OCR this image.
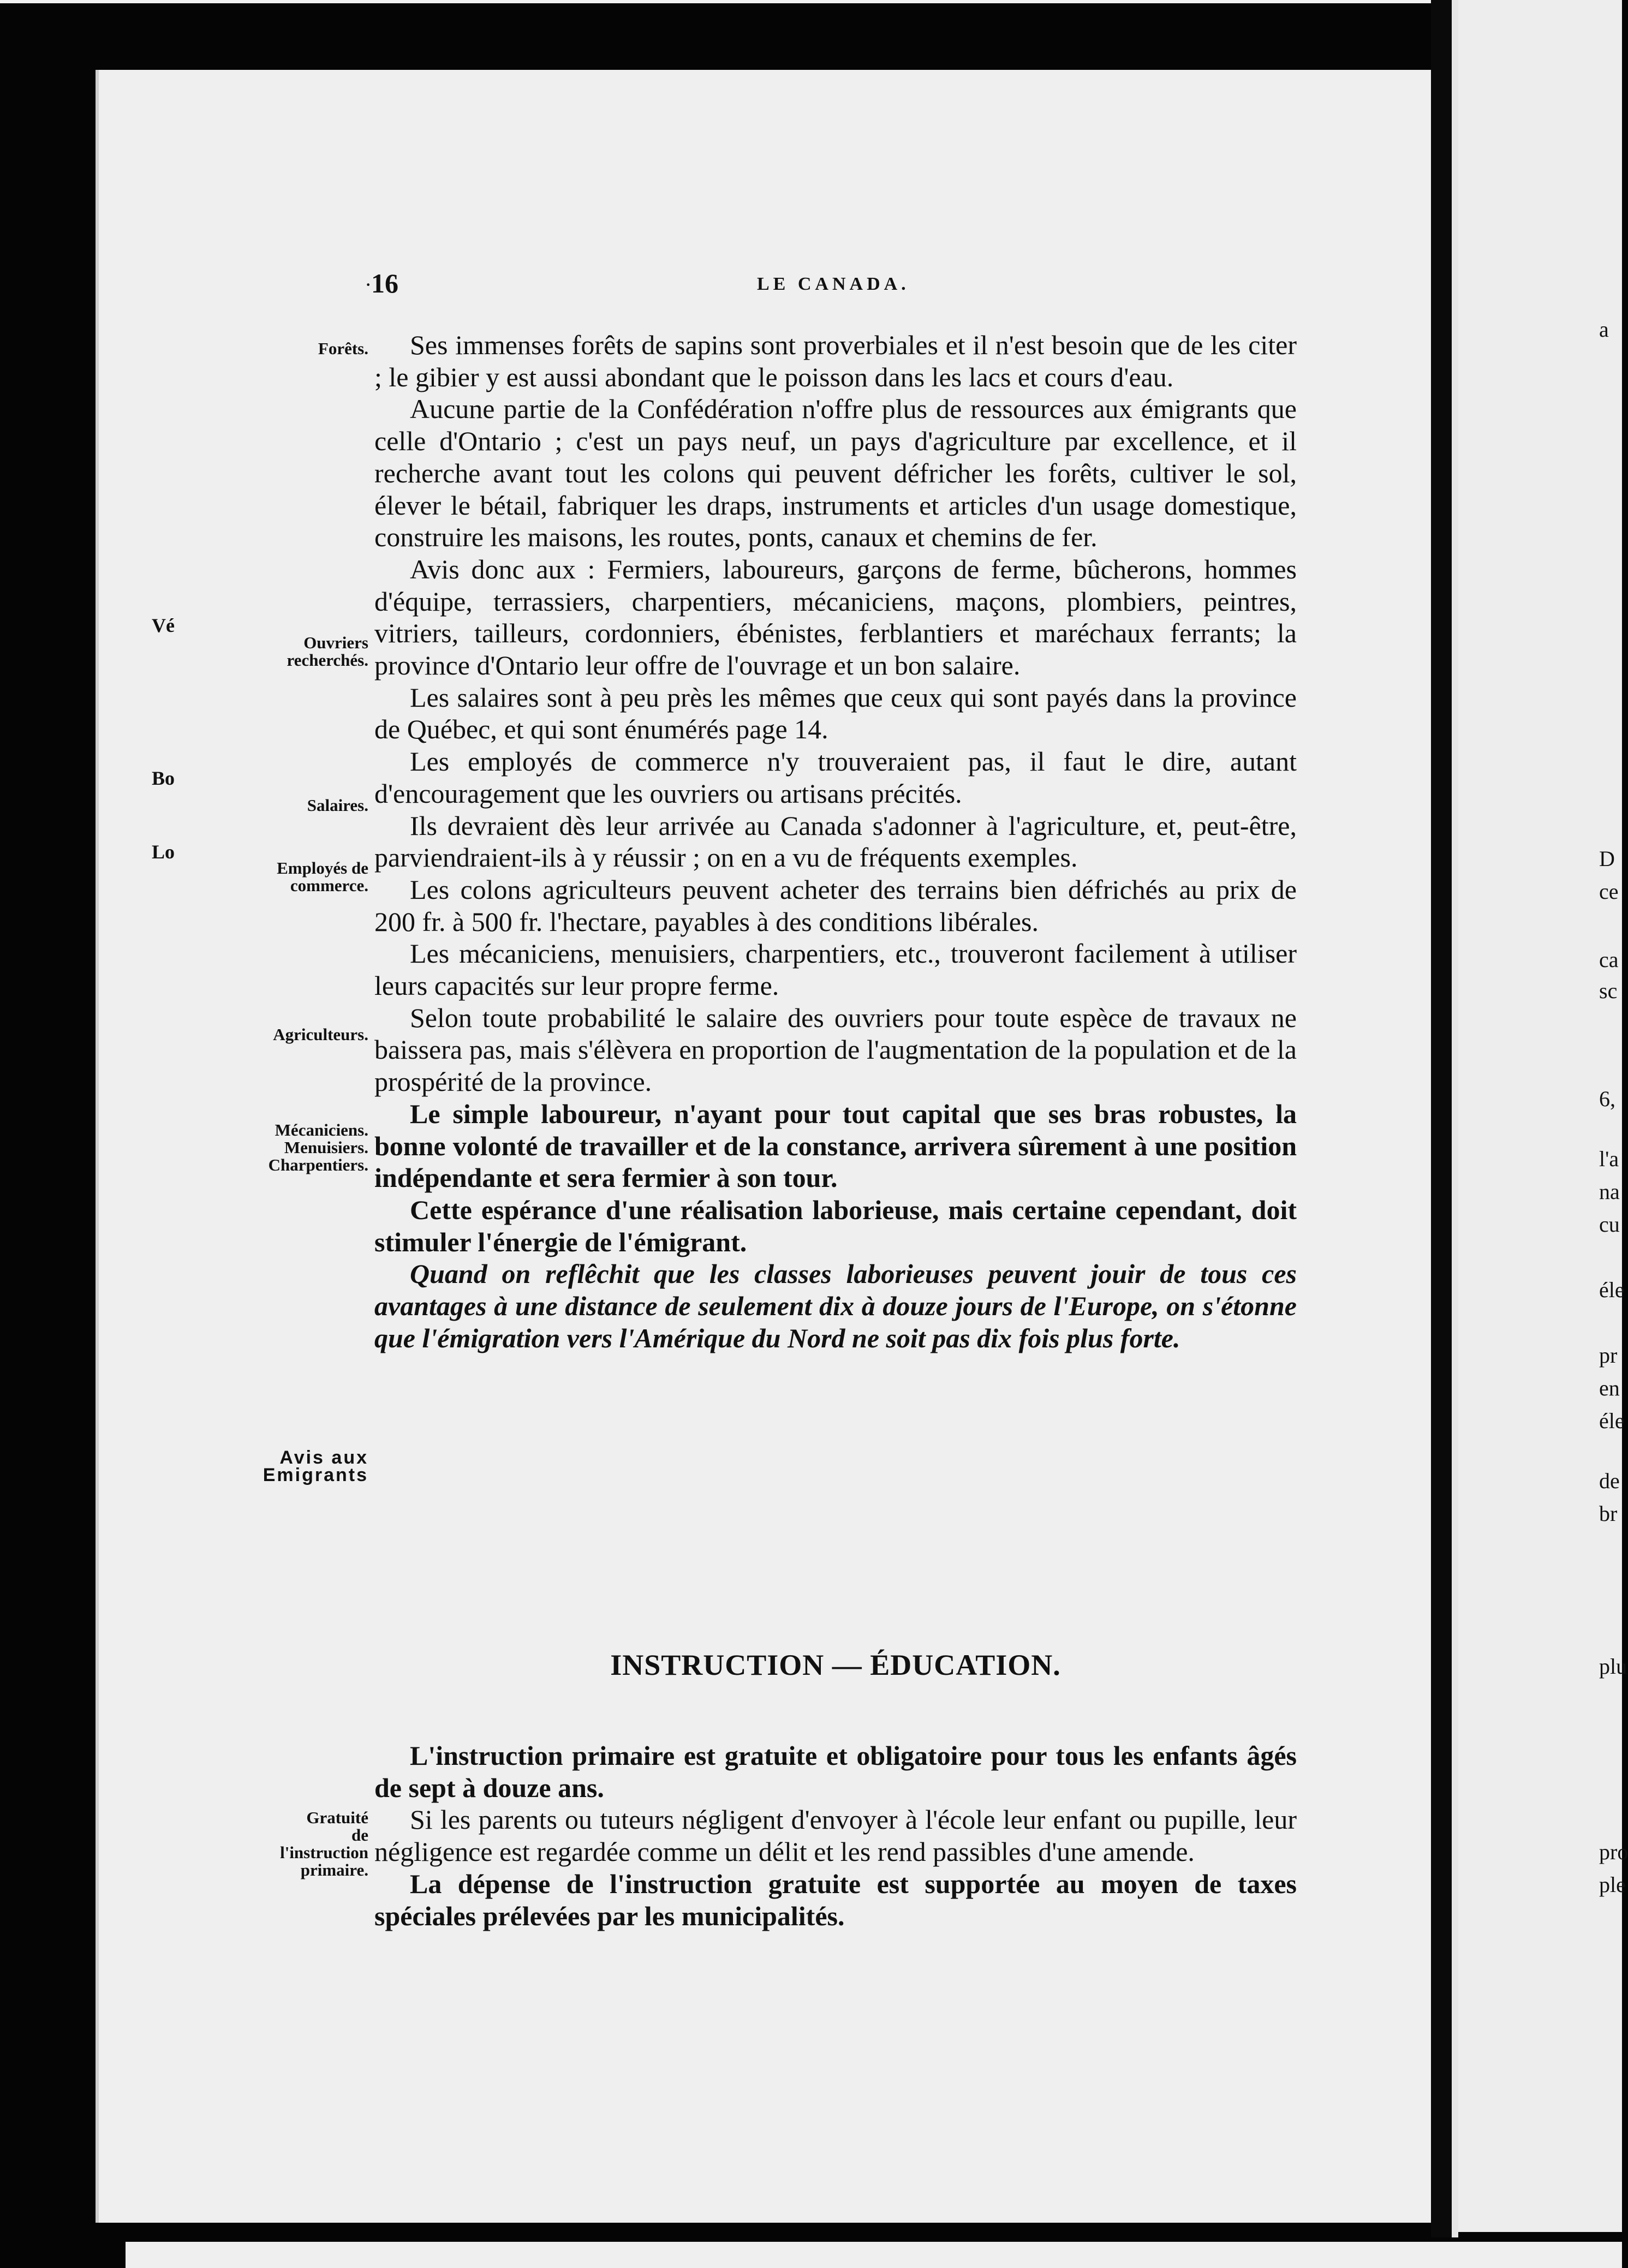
a
D
ce
ca
sc
6,
l'a
na
cu
éle
pr
en
éle
de
br
plu
pro
ple
16	LE CANADA.
·
Vé
Bo
Lo
Forêts.
Ouvriers
recherchés.
Salaires.
Employés de
commerce.
Agriculteurs.
Mécaniciens.
Menuisiers.
Charpentiers.
Avis aux
Emigrants
Gratuité
de
l'instruction
primaire.

Ses immenses forêts de sapins sont proverbiales et il n'est besoin que de les citer ; le gibier y est aussi abondant que le poisson dans les lacs et cours d'eau.

Aucune partie de la Confédération n'offre plus de ressources aux émigrants que celle d'Ontario ; c'est un pays neuf, un pays d'agriculture par excellence, et il recherche avant tout les colons qui peuvent défricher les forêts, cultiver le sol, élever le bétail, fabriquer les draps, instruments et articles d'un usage domestique, construire les maisons, les routes, ponts, canaux et chemins de fer.

Avis donc aux : Fermiers, laboureurs, garçons de ferme, bûcherons, hommes d'équipe, terrassiers, charpentiers, mécaniciens, maçons, plombiers, peintres, vitriers, tailleurs, cordonniers, ébénistes, ferblantiers et maréchaux ferrants; la province d'Ontario leur offre de l'ouvrage et un bon salaire.

Les salaires sont à peu près les mêmes que ceux qui sont payés dans la province de Québec, et qui sont énumérés page 14.

Les employés de commerce n'y trouveraient pas, il faut le dire, autant d'encouragement que les ouvriers ou artisans précités.

Ils devraient dès leur arrivée au Canada s'adonner à l'agriculture, et, peut-être, parviendraient-ils à y réussir ; on en a vu de fréquents exemples.

Les colons agriculteurs peuvent acheter des terrains bien défrichés au prix de 200 fr. à 500 fr. l'hectare, payables à des conditions libérales.

Les mécaniciens, menuisiers, charpentiers, etc., trouveront facilement à utiliser leurs capacités sur leur propre ferme.

Selon toute probabilité le salaire des ouvriers pour toute espèce de travaux ne baissera pas, mais s'élèvera en proportion de l'augmentation de la population et de la prospérité de la province.

Le simple laboureur, n'ayant pour tout capital que ses bras robustes, la bonne volonté de travailler et de la constance, arrivera sûrement à une position indépendante et sera fermier à son tour.

Cette espérance d'une réalisation laborieuse, mais certaine cependant, doit stimuler l'énergie de l'émigrant.

Quand on reflêchit que les classes laborieuses peuvent jouir de tous ces avantages à une distance de seulement dix à douze jours de l'Europe, on s'étonne que l'émigration vers l'Amérique du Nord ne soit pas dix fois plus forte.

INSTRUCTION — ÉDUCATION.

L'instruction primaire est gratuite et obligatoire pour tous les enfants âgés de sept à douze ans.

Si les parents ou tuteurs négligent d'envoyer à l'école leur enfant ou pupille, leur négligence est regardée comme un délit et les rend passibles d'une amende.

La dépense de l'instruction gratuite est supportée au moyen de taxes spéciales prélevées par les municipalités.
